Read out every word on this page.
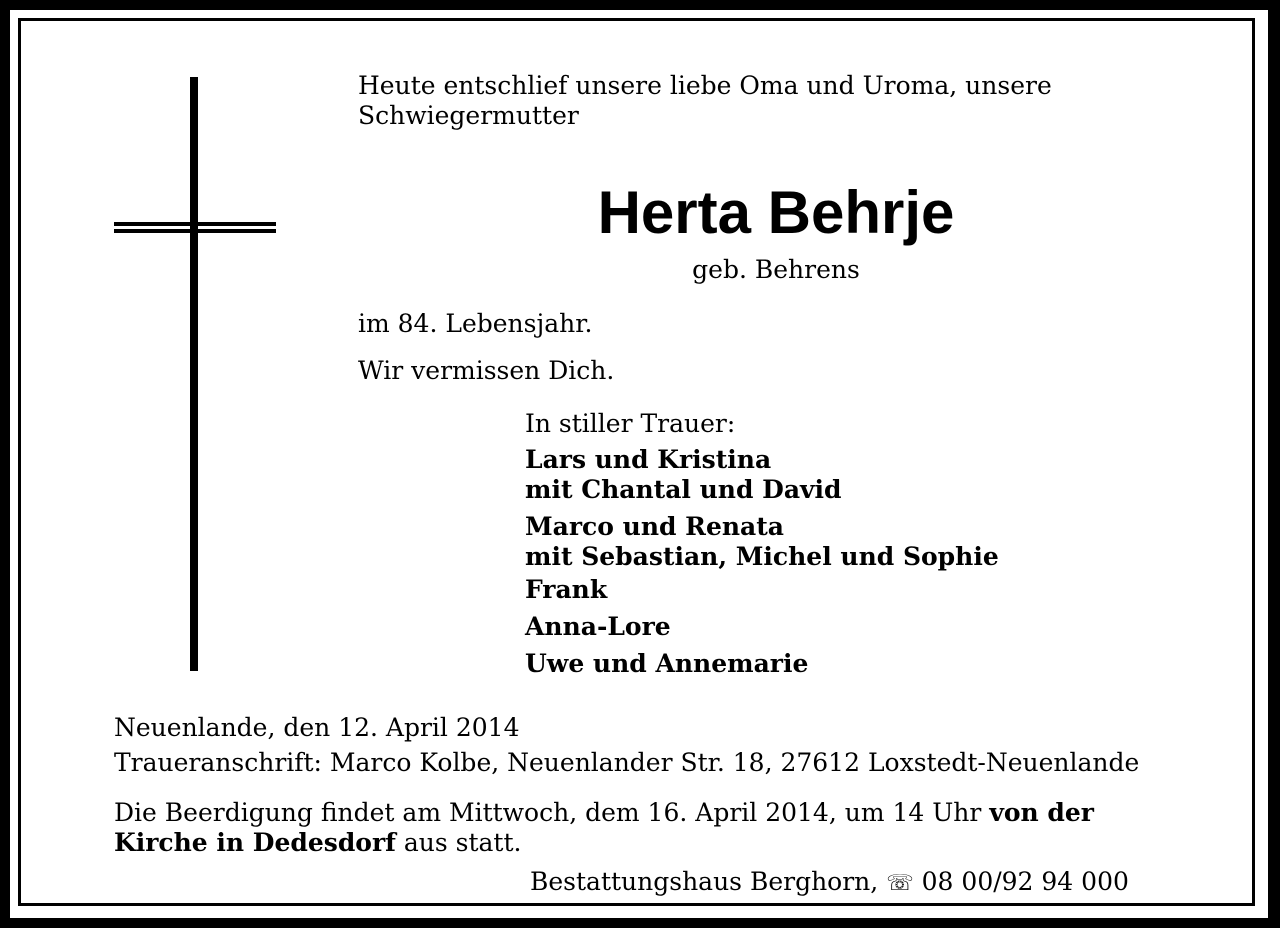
Heute entschlief unsere liebe Oma und Uroma, unsere
Schwiegermutter
Herta Behrje
geb. Behrens
im 84. Lebensjahr.
Wir vermissen Dich.
In stiller Trauer:
Lars und Kristina
mit Chantal und David
Marco und Renata
mit Sebastian, Michel und Sophie
Frank
Anna-Lore
Uwe und Annemarie
Neuenlande, den 12. April 2014
Traueranschrift: Marco Kolbe, Neuenlander Str. 18, 27612 Loxstedt-Neuenlande
Die Beerdigung findet am Mittwoch, dem 16. April 2014, um 14 Uhr von der
Kirche in Dedesdorf aus statt.
Bestattungshaus Berghorn, ☏ 08 00/92 94 000
